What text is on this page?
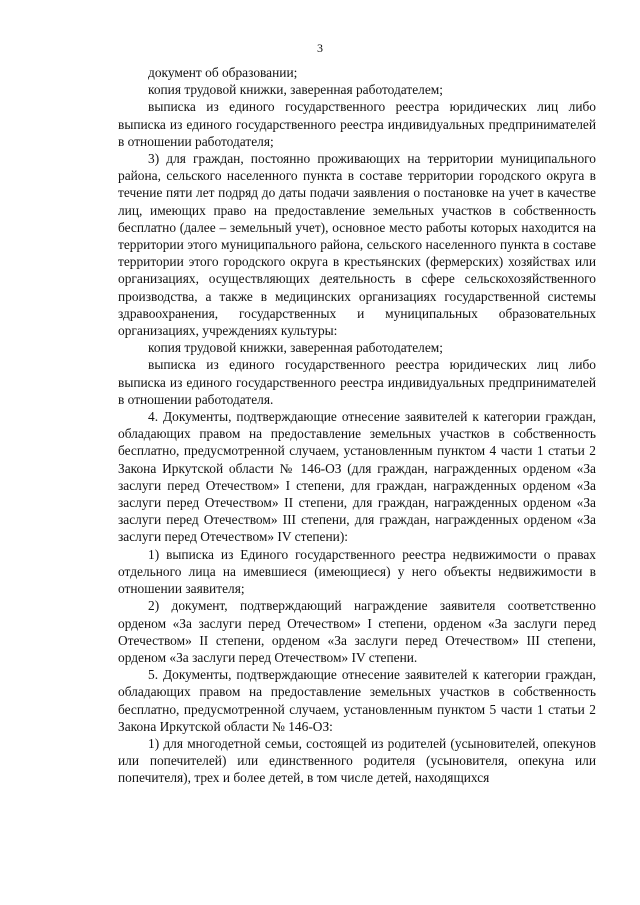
3

документ об образовании;

копия трудовой книжки, заверенная работодателем;

выписка из единого государственного реестра юридических лиц либо выписка из единого государственного реестра индивидуальных предпринимателей в отношении работодателя;

3) для граждан, постоянно проживающих на территории муниципального района, сельского населенного пункта в составе территории городского округа в течение пяти лет подряд до даты подачи заявления о постановке на учет в качестве лиц, имеющих право на предоставление земельных участков в собственность бесплатно (далее – земельный учет), основное место работы которых находится на территории этого муниципального района, сельского населенного пункта в составе территории этого городского округа в крестьянских (фермерских) хозяйствах или организациях, осуществляющих деятельность в сфере сельскохозяйственного производства, а также в медицинских организациях государственной системы здравоохранения, государственных и муниципальных образовательных организациях, учреждениях культуры:

копия трудовой книжки, заверенная работодателем;

выписка из единого государственного реестра юридических лиц либо выписка из единого государственного реестра индивидуальных предпринимателей в отношении работодателя.

4. Документы, подтверждающие отнесение заявителей к категории граждан, обладающих правом на предоставление земельных участков в собственность бесплатно, предусмотренной случаем, установленным пунктом 4 части 1 статьи 2 Закона Иркутской области № 146-ОЗ (для граждан, награжденных орденом «За заслуги перед Отечеством» I степени, для граждан, награжденных орденом «За заслуги перед Отечеством» II степени, для граждан, награжденных орденом «За заслуги перед Отечеством» III степени, для граждан, награжденных орденом «За заслуги перед Отечеством» IV степени):

1) выписка из Единого государственного реестра недвижимости о правах отдельного лица на имевшиеся (имеющиеся) у него объекты недвижимости в отношении заявителя;

2) документ, подтверждающий награждение заявителя соответственно орденом «За заслуги перед Отечеством» I степени, орденом «За заслуги перед Отечеством» II степени, орденом «За заслуги перед Отечеством» III степени, орденом «За заслуги перед Отечеством» IV степени.

5. Документы, подтверждающие отнесение заявителей к категории граждан, обладающих правом на предоставление земельных участков в собственность бесплатно, предусмотренной случаем, установленным пунктом 5 части 1 статьи 2 Закона Иркутской области № 146-ОЗ:

1) для многодетной семьи, состоящей из родителей (усыновителей, опекунов или попечителей) или единственного родителя (усыновителя, опекуна или попечителя), трех и более детей, в том числе детей, находящихся
